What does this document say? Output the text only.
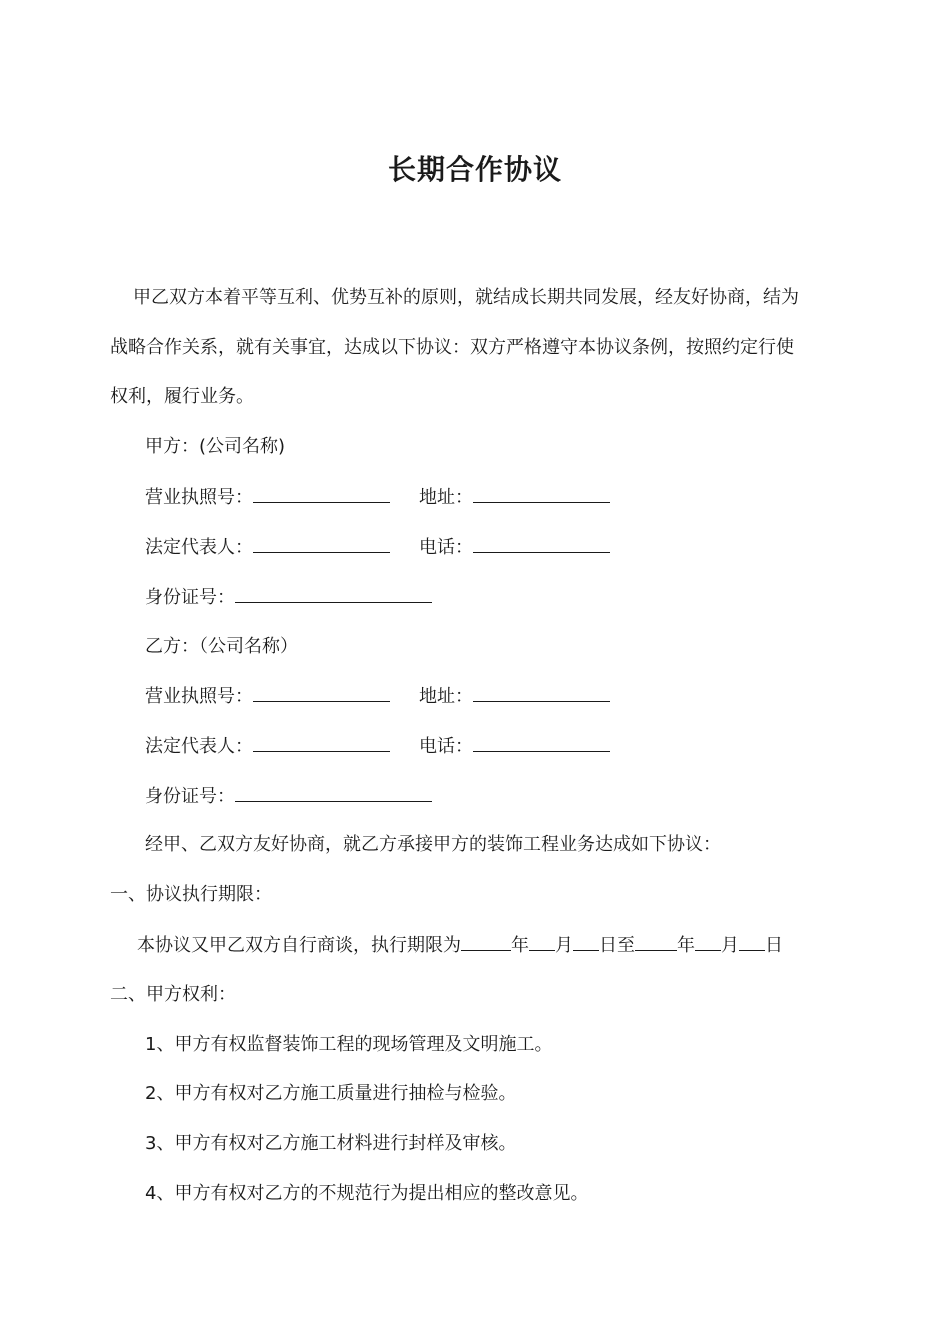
长期合作协议
甲乙双方本着平等互利、优势互补的原则，就结成长期共同发展，经友好协商，结为
战略合作关系，就有关事宜，达成以下协议：双方严格遵守本协议条例，按照约定行使
权利，履行业务。
甲方：(公司名称)
营业执照号：	地址：
法定代表人：	电话：
身份证号：
乙方：（公司名称）
营业执照号：	地址：
法定代表人：	电话：
身份证号：
经甲、乙双方友好协商，就乙方承接甲方的装饰工程业务达成如下协议：
一、协议执行期限：
本协议又甲乙双方自行商谈，执行期限为	年 月 日至 年 月 日
二、甲方权利：
1、甲方有权监督装饰工程的现场管理及文明施工。
2、甲方有权对乙方施工质量进行抽检与检验。
3、甲方有权对乙方施工材料进行封样及审核。
4、甲方有权对乙方的不规范行为提出相应的整改意见。
